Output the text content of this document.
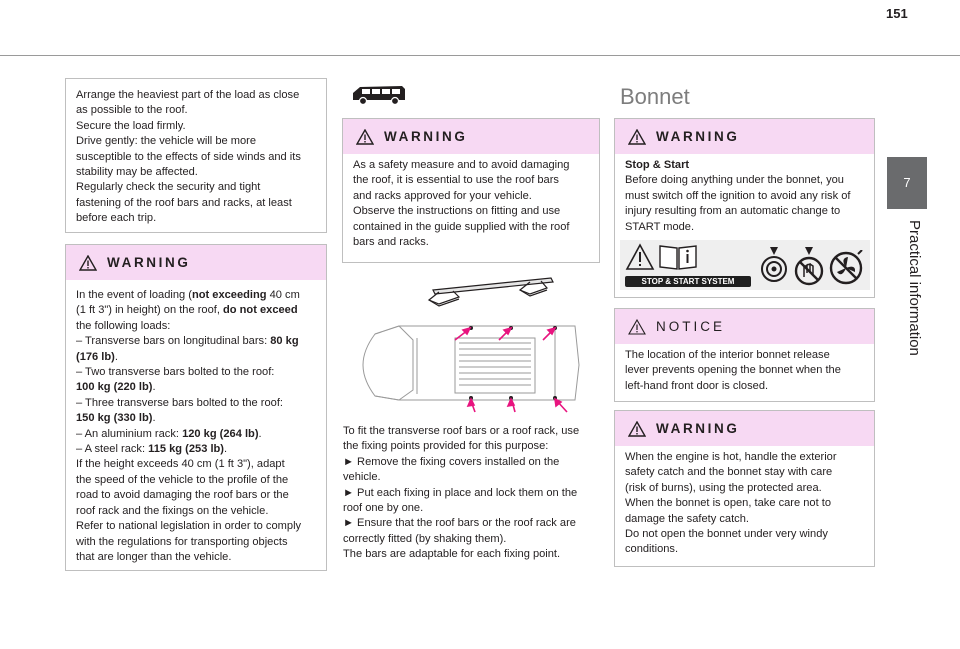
151
7
Practical information

Arrange the heaviest part of the load as close

as possible to the roof.

Secure the load firmly.

Drive gently: the vehicle will be more

susceptible to the effects of side winds and its

stability may be affected.

Regularly check the security and tight

fastening of the roof bars and racks, at least

before each trip.

WARNING

In the event of loading (not exceeding 40 cm

(1 ft 3") in height) on the roof, do not exceed

the following loads:

– Transverse bars on longitudinal bars: 80 kg

(176 lb).

– Two transverse bars bolted to the roof:

100 kg (220 lb).

– Three transverse bars bolted to the roof:

150 kg (330 lb).

– An aluminium rack: 120 kg (264 lb).

– A steel rack: 115 kg (253 lb).

If the height exceeds 40 cm (1 ft 3"), adapt

the speed of the vehicle to the profile of the

road to avoid damaging the roof bars or the

roof rack and the fixings on the vehicle.

Refer to national legislation in order to comply

with the regulations for transporting objects

that are longer than the vehicle.

WARNING

As a safety measure and to avoid damaging

the roof, it is essential to use the roof bars

and racks approved for your vehicle.

Observe the instructions on fitting and use

contained in the guide supplied with the roof

bars and racks.

To fit the transverse roof bars or a roof rack, use

the fixing points provided for this purpose:

► Remove the fixing covers installed on the

vehicle.

► Put each fixing in place and lock them on the

roof one by one.

► Ensure that the roof bars or the roof rack are

correctly fitted (by shaking them).

The bars are adaptable for each fixing point.

Bonnet
WARNING

Stop & Start

Before doing anything under the bonnet, you

must switch off the ignition to avoid any risk of

injury resulting from an automatic change to

START mode.

STOP & START SYSTEM
NOTICE

The location of the interior bonnet release

lever prevents opening the bonnet when the

left-hand front door is closed.

WARNING

When the engine is hot, handle the exterior

safety catch and the bonnet stay with care

(risk of burns), using the protected area.

When the bonnet is open, take care not to

damage the safety catch.

Do not open the bonnet under very windy

conditions.
